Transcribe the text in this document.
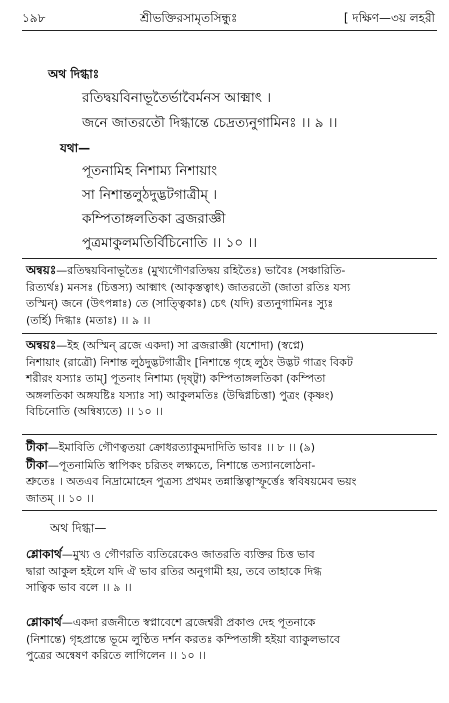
১৯৮	শ্রীভক্তিরসামৃতসিন্ধুঃ	[ দক্ষিণ—৩য় লহরী
অথ দিগ্ধাঃ
রতিদ্বয়বিনাভূতৈর্ভাবৈর্মনস আক্মাৎ ।
জনে জাতরতৌ দিগ্ধান্তে চেদ্রত্যনুগামিনঃ ।। ৯ ।।
যথা—
পূতনামিহ নিশাম্য নিশায়াং
সা নিশান্তলুঠদুদ্ভটগাত্রীম্ ।
কম্পিতাঙ্গলতিকা ব্রজরাজ্ঞী
পুত্রমাকুলমতির্বিচিনোতি ।। ১০ ।।
অন্বয়ঃ—রতিদ্বয়বিনাভূতৈঃ (মুখ্যগৌণরতিদ্বয় রহিতৈঃ) ভাবৈঃ (সঞ্চারিতি-
রিত্যর্থঃ) মনসঃ (চিত্তস্য) আক্মাৎ (আকৃস্তত্বাৎ) জাতরতৌ (জাতা রতিঃ যস্য
তস্মিন্) জনে (উৎপন্নাঃ) তে (সাত্ত্বিকাঃ) চেৎ (যদি) রত্যনুগামিনঃ স্যুঃ
(তর্হি) দিগ্ধাঃ (মতাঃ) ।। ৯ ।।
অন্বয়ঃ—ইহ (অস্মিন্ ব্রজে একদা) সা ব্রজরাজ্ঞী (যশোদা) (স্বপ্নে)
নিশায়াং (রাত্রৌ) নিশান্ত লুঠদুদ্ভটগাত্রীং [নিশান্তে গৃহে লুঠং উদ্ভট গাত্রং বিকট
শরীরং যস্যাঃ তাম্] পূতনাং নিশাম্য (দৃষ্ট্বা) কম্পিতাঙ্গলতিকা (কম্পিতা
অঙ্গলতিকা অঙ্গযষ্টিঃ যস্যাঃ সা) আকুলমতিঃ (উদ্বিগ্নচিত্তা) পুত্রং (কৃষ্ণং)
বিচিনোতি (অন্বিষ্যতে) ।। ১০ ।।
টীকা—ইমাবিতি গৌণত্বতয়া ক্রোধরত্যাকুমদাদিতি ভাবঃ ।। ৮ ।। (৯)
টীকা—পূতনামিতি স্বাপিকং চরিতং লক্ষ্যতে, নিশান্তে তস্যানলোঠনা-
শ্রুতেঃ । অতএব নিদ্রামোহেন পুত্রস্য প্রথমং তন্নাস্তিত্বাস্ফূর্ত্তেঃ স্ববিষয়মেব ভয়ং
জাতম্ ।। ১০ ।।
অথ দিগ্ধা—
শ্লোকার্থ—মুখ্য ও গৌণরতি ব্যতিরেকেও জাতরতি ব্যক্তির চিত্ত ভাব
দ্বারা আকুল হইলে যদি ঐ ভাব রতির অনুগামী হয়, তবে তাহাকে দিগ্ধ
সাত্বিক ভাব বলে ।। ৯ ।।
শ্লোকার্থ—একদা রজনীতে স্বপ্নাবেশে ব্রজেশ্বরী প্রকাণ্ড দেহ পূতনাকে
(নিশান্তে) গৃহপ্রান্তে ভূমে লুণ্ঠিত দর্শন করতঃ কম্পিতাঙ্গী হইয়া ব্যাকুলভাবে
পুত্রের অন্বেষণ করিতে লাগিলেন ।। ১০ ।।
